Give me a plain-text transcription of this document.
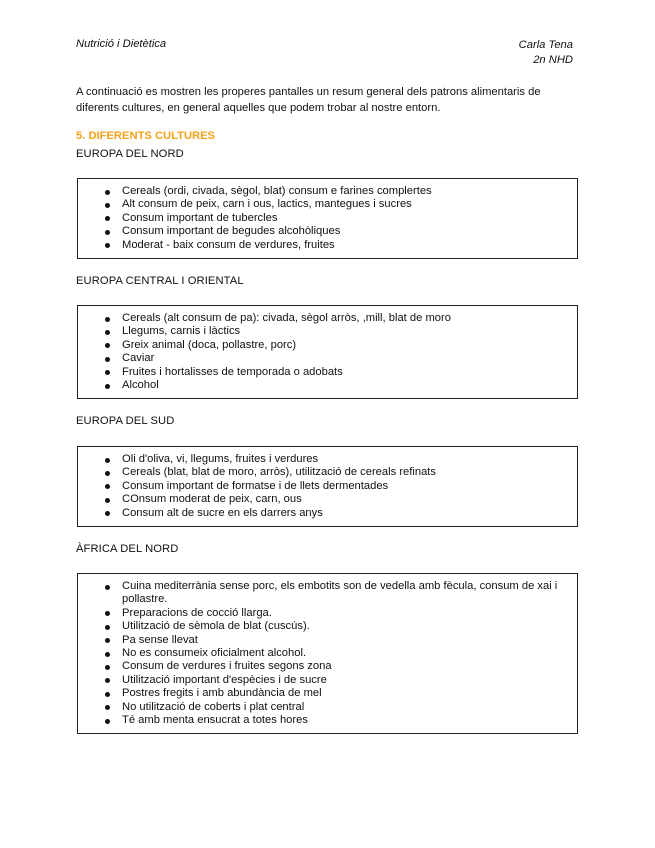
Nutrició i Dietètica	Carla Tena
2n NHD
A continuació es mostren les properes pantalles un resum general dels patrons alimentaris de diferents cultures, en general aquelles que podem trobar al nostre entorn.
5. DIFERENTS CULTURES
EUROPA DEL NORD
Cereals (ordi, civada, sègol, blat) consum e farines complertes
Alt consum de peix, carn i ous, lactics, mantegues i sucres
Consum important de tubercles
Consum important de begudes alcohòliques
Moderat - baix consum de verdures, fruites
EUROPA CENTRAL I ORIENTAL
Cereals (alt consum de pa): civada, sègol arròs, ,mill, blat de moro
Llegums, carnis i làctics
Greix animal (doca, pollastre, porc)
Caviar
Fruites i hortalisses de temporada o adobats
Alcohol
EUROPA DEL SUD
Oli d'oliva, vi, llegums, fruites i verdures
Cereals (blat, blat de moro, arròs), utilització de cereals refinats
Consum important de formatse i de llets dermentades
COnsum moderat de peix, carn, ous
Consum alt de sucre en els darrers anys
ÀFRICA DEL NORD
Cuina mediterrània sense porc, els embotits son de vedella amb fècula, consum de xai i pollastre.
Preparacions de cocció llarga.
Utilització de sèmola de blat (cuscús).
Pa sense llevat
No es consumeix oficialment alcohol.
Consum de verdures i fruites segons zona
Utilització important d'espècies i de sucre
Postres fregits i amb abundància de mel
No utilització de coberts i plat central
Té amb menta ensucrat a totes hores
